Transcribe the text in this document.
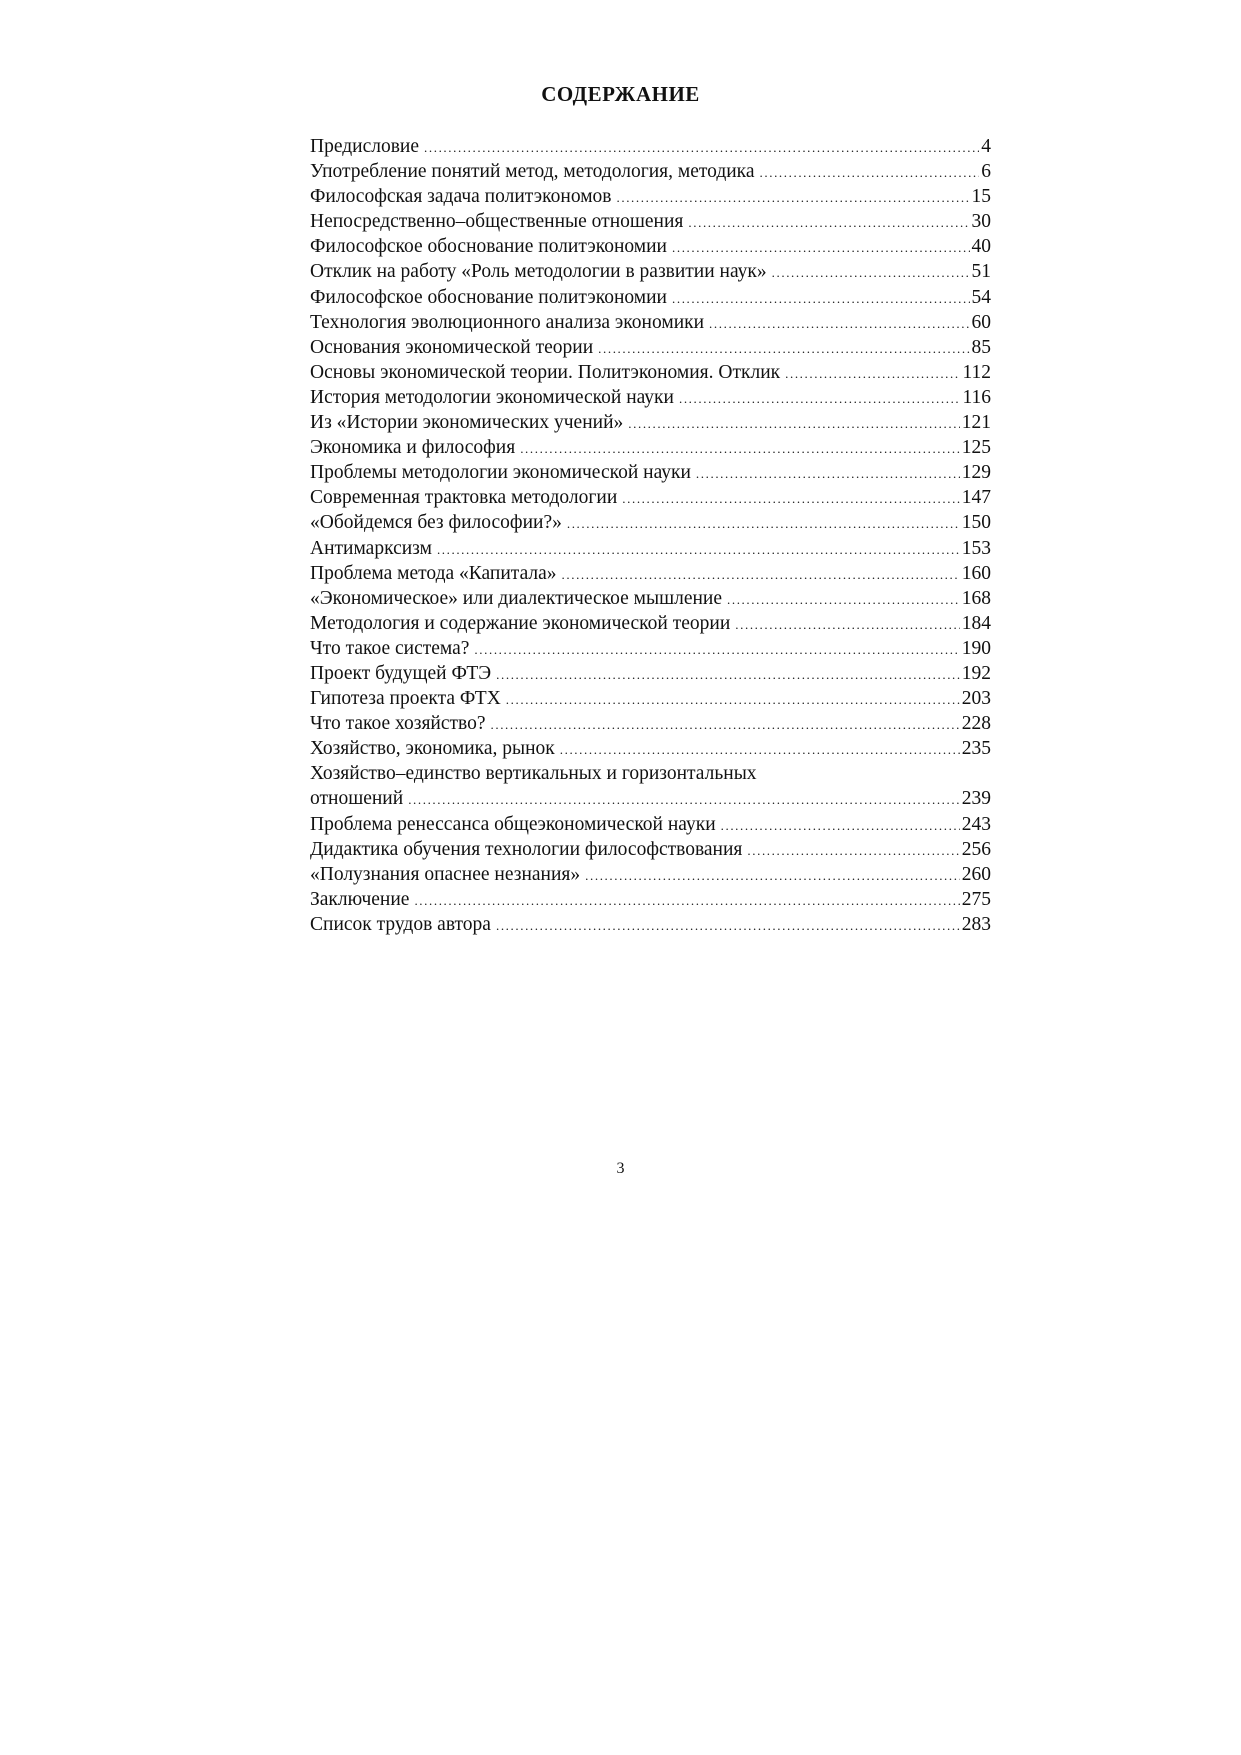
СОДЕРЖАНИЕ
Предисловие .....	4
Употребление понятий метод, методология, методика .....	6
Философская задача политэкономов .....	15
Непосредственно–общественные отношения .....	30
Философское обоснование политэкономии .....	40
Отклик на работу «Роль методологии в развитии наук» .....	51
Философское обоснование политэкономии .....	54
Технология эволюционного анализа экономики .....	60
Основания экономической теории .....	85
Основы экономической теории. Политэкономия. Отклик .....	112
История методологии экономической науки .....	116
Из «Истории экономических учений» .....	121
Экономика и философия .....	125
Проблемы методологии экономической науки .....	129
Современная трактовка методологии .....	147
«Обойдемся без философии?» .....	150
Антимарксизм .....	153
Проблема метода «Капитала» .....	160
«Экономическое» или диалектическое мышление .....	168
Методология и содержание экономической теории .....	184
Что такое система? .....	190
Проект будущей ФТЭ .....	192
Гипотеза проекта ФТХ .....	203
Что такое хозяйство? .....	228
Хозяйство, экономика, рынок .....	235
Хозяйство–единство вертикальных и горизонтальных
отношений .....	239
Проблема ренессанса общеэкономической науки .....	243
Дидактика обучения технологии философствования .....	256
«Полузнания опаснее незнания» .....	260
Заключение .....	275
Список трудов автора .....	283
3
